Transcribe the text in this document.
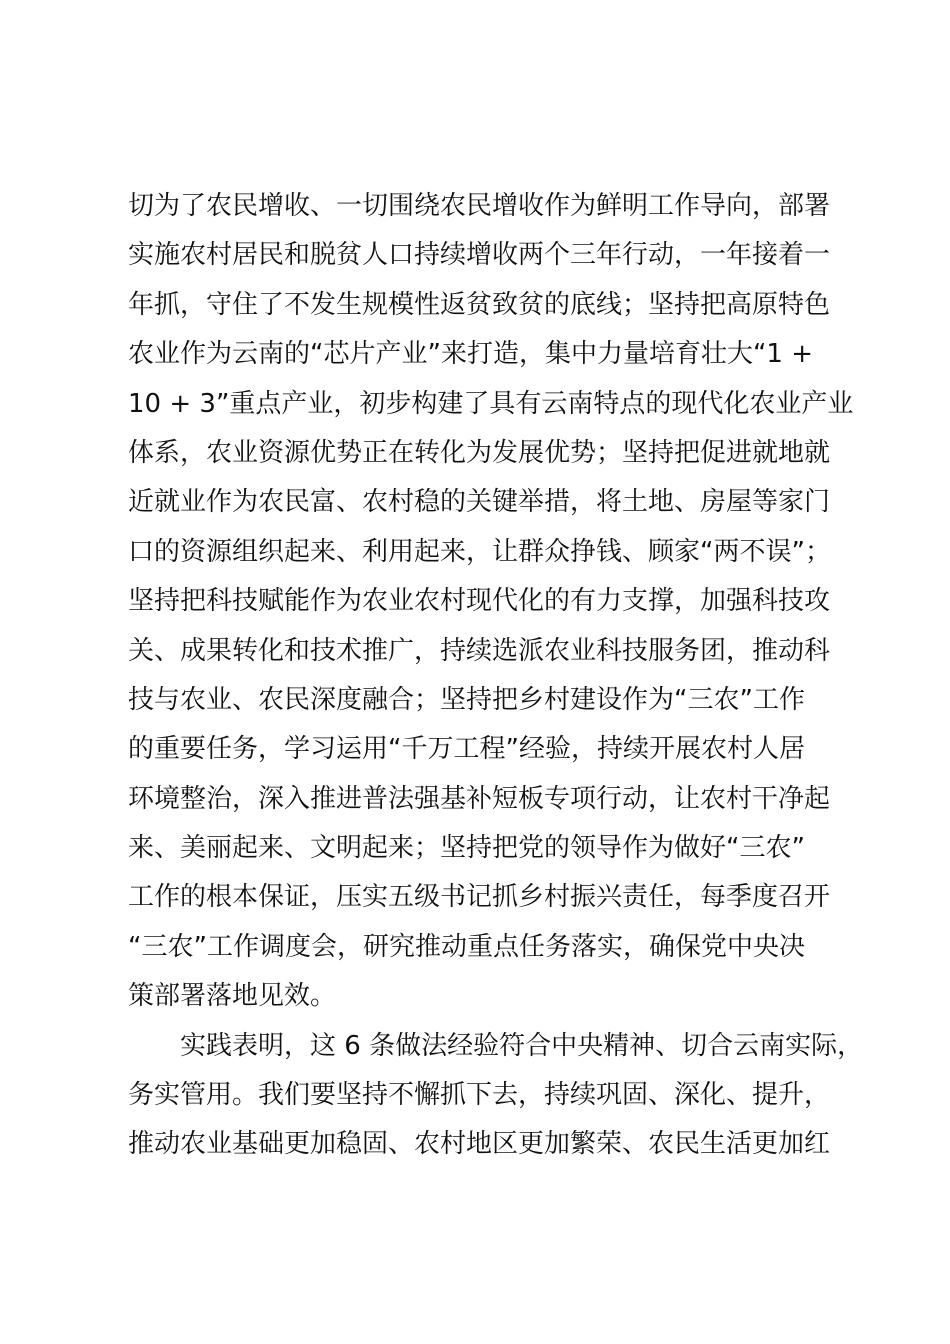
切为了农民增收、一切围绕农民增收作为鲜明工作导向，部署
实施农村居民和脱贫人口持续增收两个三年行动，一年接着一
年抓，守住了不发生规模性返贫致贫的底线；坚持把高原特色
农业作为云南的“芯片产业”来打造，集中力量培育壮大“1 +
10 + 3”重点产业，初步构建了具有云南特点的现代化农业产业
体系，农业资源优势正在转化为发展优势；坚持把促进就地就
近就业作为农民富、农村稳的关键举措，将土地、房屋等家门
口的资源组织起来、利用起来，让群众挣钱、顾家“两不误”；
坚持把科技赋能作为农业农村现代化的有力支撑，加强科技攻
关、成果转化和技术推广，持续选派农业科技服务团，推动科
技与农业、农民深度融合；坚持把乡村建设作为“三农”工作
的重要任务，学习运用“千万工程”经验，持续开展农村人居
环境整治，深入推进普法强基补短板专项行动，让农村干净起
来、美丽起来、文明起来；坚持把党的领导作为做好“三农”
工作的根本保证，压实五级书记抓乡村振兴责任，每季度召开
“三农”工作调度会，研究推动重点任务落实，确保党中央决
策部署落地见效。
实践表明，这 6 条做法经验符合中央精神、切合云南实际，
务实管用。我们要坚持不懈抓下去，持续巩固、深化、提升，
推动农业基础更加稳固、农村地区更加繁荣、农民生活更加红
